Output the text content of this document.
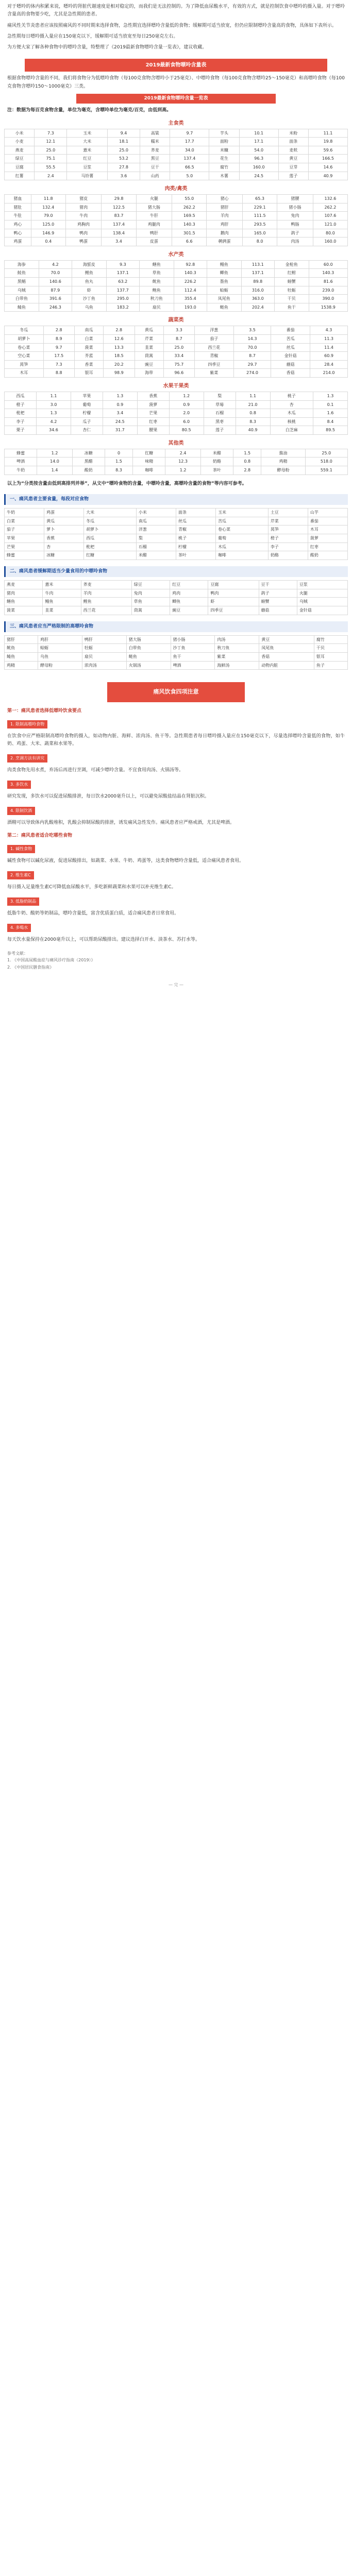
对于嘌呤的体内积累来说，嘌呤的肾脏代谢速度是相对稳定的，而我们是无法控制的。为了降低血尿酸水平，有效的方式，就是控制饮食中嘌呤的摄入量。对于嘌呤含量高的食物要少吃，尤其是急性期的患者。

痛风性关节炎患者应该按照痛风的不同时期来选择食物，急性期宜选择嘌呤含量低的食物；缓解期可适当放宽，但仍应限制嘌呤含量高的食物，具体如下表所示。

急性期每日嘌呤摄入量应在150毫克以下，缓解期可适当放宽至每日250毫克左右。

为方便大家了解各种食物中的嘌呤含量，特整理了《2019最新食物嘌呤含量一览表》，建议收藏。

2019最新食物嘌呤含量表

根据食物嘌呤含量的不同，我们将食物分为低嘌呤食物（每100克食物含嘌呤小于25毫克）、中嘌呤食物（每100克食物含嘌呤25～150毫克）和高嘌呤食物（每100克食物含嘌呤150～1000毫克）三类。

2019最新食物嘌呤含量一览表

注：数据为每百克食物含量，单位为毫克，含嘌呤单位为毫克/百克，由低到高。

主食类
小米	7.3	玉米	9.4	高粱	9.7	芋头	10.1	米粉	11.1
小麦	12.1	大米	18.1	糯米	17.7	面粉	17.1	面条	19.8
燕麦	25.0	薏米	25.0	荞麦	34.0	米糠	54.0	麦麸	59.6
绿豆	75.1	红豆	53.2	黑豆	137.4	花生	96.3	黄豆	166.5
豆腐	55.5	豆浆	27.8	豆干	66.5	腐竹	160.0	豆芽	14.6
红薯	2.4	马铃薯	3.6	山药	5.0	木薯	24.5	莲子	40.9
肉类/禽类
猪血	11.8	猪皮	29.8	火腿	55.0	猪心	65.3	猪腰	132.6
猪肚	132.4	猪肉	122.5	猪大肠	262.2	猪肝	229.1	猪小肠	262.2
牛肚	79.0	牛肉	83.7	牛肝	169.5	羊肉	111.5	兔肉	107.6
鸡心	125.0	鸡胸肉	137.4	鸡腿肉	140.3	鸡肝	293.5	鸭肠	121.0
鸭心	146.9	鸭肉	138.4	鸭肝	301.5	鹅肉	165.0	鸽子	80.0
鸡蛋	0.4	鸭蛋	3.4	皮蛋	6.6	鹌鹑蛋	8.0	肉汤	160.0
水产类
海参	4.2	海蜇皮	9.3	鳝鱼	92.8	鳗鱼	113.1	金枪鱼	60.0
鲑鱼	70.0	鲤鱼	137.1	草鱼	140.3	鲫鱼	137.1	红鲋	140.3
黑鲳	140.6	鱼丸	63.2	鱿鱼	226.2	墨鱼	89.8	螃蟹	81.6
乌贼	87.9	虾	137.7	鲍鱼	112.4	蛤蛎	316.0	牡蛎	239.0
白带鱼	391.6	沙丁鱼	295.0	秋刀鱼	355.4	凤尾鱼	363.0	干贝	390.0
鲭鱼	246.3	乌鱼	183.2	扇贝	193.0	鲢鱼	202.4	鱼干	1538.9
蔬菜类
冬瓜	2.8	南瓜	2.8	黄瓜	3.3	洋葱	3.5	番茄	4.3
胡萝卜	8.9	白菜	12.6	芹菜	8.7	茄子	14.3	苦瓜	11.3
卷心菜	9.7	菠菜	13.3	韭菜	25.0	西兰花	70.0	丝瓜	11.4
空心菜	17.5	芥蓝	18.5	茼蒿	33.4	青椒	8.7	金针菇	60.9
莴笋	7.3	香菜	20.2	豌豆	75.7	四季豆	29.7	蘑菇	28.4
木耳	8.8	银耳	98.9	海带	96.6	紫菜	274.0	香菇	214.0
水果干果类
西瓜	1.1	苹果	1.3	香蕉	1.2	梨	1.1	桃子	1.3
橙子	3.0	葡萄	0.9	菠萝	0.9	草莓	21.0	杏	0.1
枇杷	1.3	柠檬	3.4	芒果	2.0	石榴	0.8	木瓜	1.6
李子	4.2	瓜子	24.5	红枣	6.0	黑枣	8.3	核桃	8.4
栗子	34.6	杏仁	31.7	腰果	80.5	莲子	40.9	白芝麻	89.5
其他类
蜂蜜	1.2	冰糖	0	红糖	2.4	米醋	1.5	酱油	25.0
啤酒	14.0	黑醋	1.5	味精	12.3	奶酪	0.8	鸡精	518.0
牛奶	1.4	酸奶	8.3	咖啡	1.2	茶叶	2.8	酵母粉	559.1

以上为“分类按含量由低到高排列并举”，从文中“嘌呤食物的含量，中嘌呤含量，高嘌呤含量的食物”等内容可参考。

一、痛风患者主要食量，每段对应食物
牛奶	鸡蛋	大米	小米	面条	玉米	土豆	山芋
白菜	黄瓜	冬瓜	南瓜	丝瓜	苦瓜	芹菜	番茄
茄子	萝卜	胡萝卜	洋葱	青椒	卷心菜	莴笋	木耳
苹果	香蕉	西瓜	梨	桃子	葡萄	橙子	菠萝
芒果	杏	枇杷	石榴	柠檬	木瓜	李子	红枣
蜂蜜	冰糖	红糖	米醋	茶叶	咖啡	奶酪	酸奶
二、痛风患者缓解期适当少量食用的中嘌呤食物
燕麦	薏米	荞麦	绿豆	红豆	豆腐	豆干	豆浆
猪肉	牛肉	羊肉	兔肉	鸡肉	鸭肉	鸽子	火腿
鳝鱼	鳗鱼	鲤鱼	草鱼	鲫鱼	虾	螃蟹	乌贼
菠菜	韭菜	西兰花	茼蒿	豌豆	四季豆	蘑菇	金针菇
三、痛风患者应当严格限制的高嘌呤食物
猪肝	鸡肝	鸭肝	猪大肠	猪小肠	肉汤	黄豆	腐竹
鱿鱼	蛤蛎	牡蛎	白带鱼	沙丁鱼	秋刀鱼	凤尾鱼	干贝
鲭鱼	乌鱼	扇贝	鲢鱼	鱼干	紫菜	香菇	银耳
鸡精	酵母粉	浓肉汤	火锅汤	啤酒	海鲜汤	动物内脏	鱼子
痛风饮食四项注意
第一：痛风患者选择低嘌呤饮食要点
1. 限制高嘌呤食物

在饮食中应严格限制高嘌呤食物的摄入，如动物内脏、海鲜、浓肉汤、鱼干等。急性期患者每日嘌呤摄入量应在150毫克以下，尽量选择嘌呤含量低的食物，如牛奶、鸡蛋、大米、蔬菜和水果等。

2. 烹调方法有讲究

肉类食物先用水煮，弃汤后再进行烹调，可减少嘌呤含量。不宜食用肉汤、火锅汤等。

3. 多饮水

研究发现，多饮水可以促进尿酸排泄，每日饮水2000毫升以上，可以避免尿酸盐结晶在肾脏沉积。

4. 限制饮酒

酒精可以导致体内乳酸堆积，乳酸会抑制尿酸的排泄，诱发痛风急性发作。痛风患者应严格戒酒，尤其是啤酒。

第二：痛风患者适合吃哪些食物
1. 碱性食物

碱性食物可以碱化尿液，促进尿酸排出，如蔬菜、水果、牛奶、鸡蛋等，这类食物嘌呤含量低，适合痛风患者食用。

2. 维生素C

每日摄入足量维生素C可降低血尿酸水平，多吃新鲜蔬菜和水果可以补充维生素C。

3. 低脂奶制品

低脂牛奶、酸奶等奶制品，嘌呤含量低，富含优质蛋白质，适合痛风患者日常食用。

4. 多喝水

每天饮水量保持在2000毫升以上，可以帮助尿酸排出。建议选择白开水、淡茶水、苏打水等。

参考文献：
1. 《中国高尿酸血症与痛风诊疗指南（2019）》
2. 《中国居民膳食指南》
— 完 —
